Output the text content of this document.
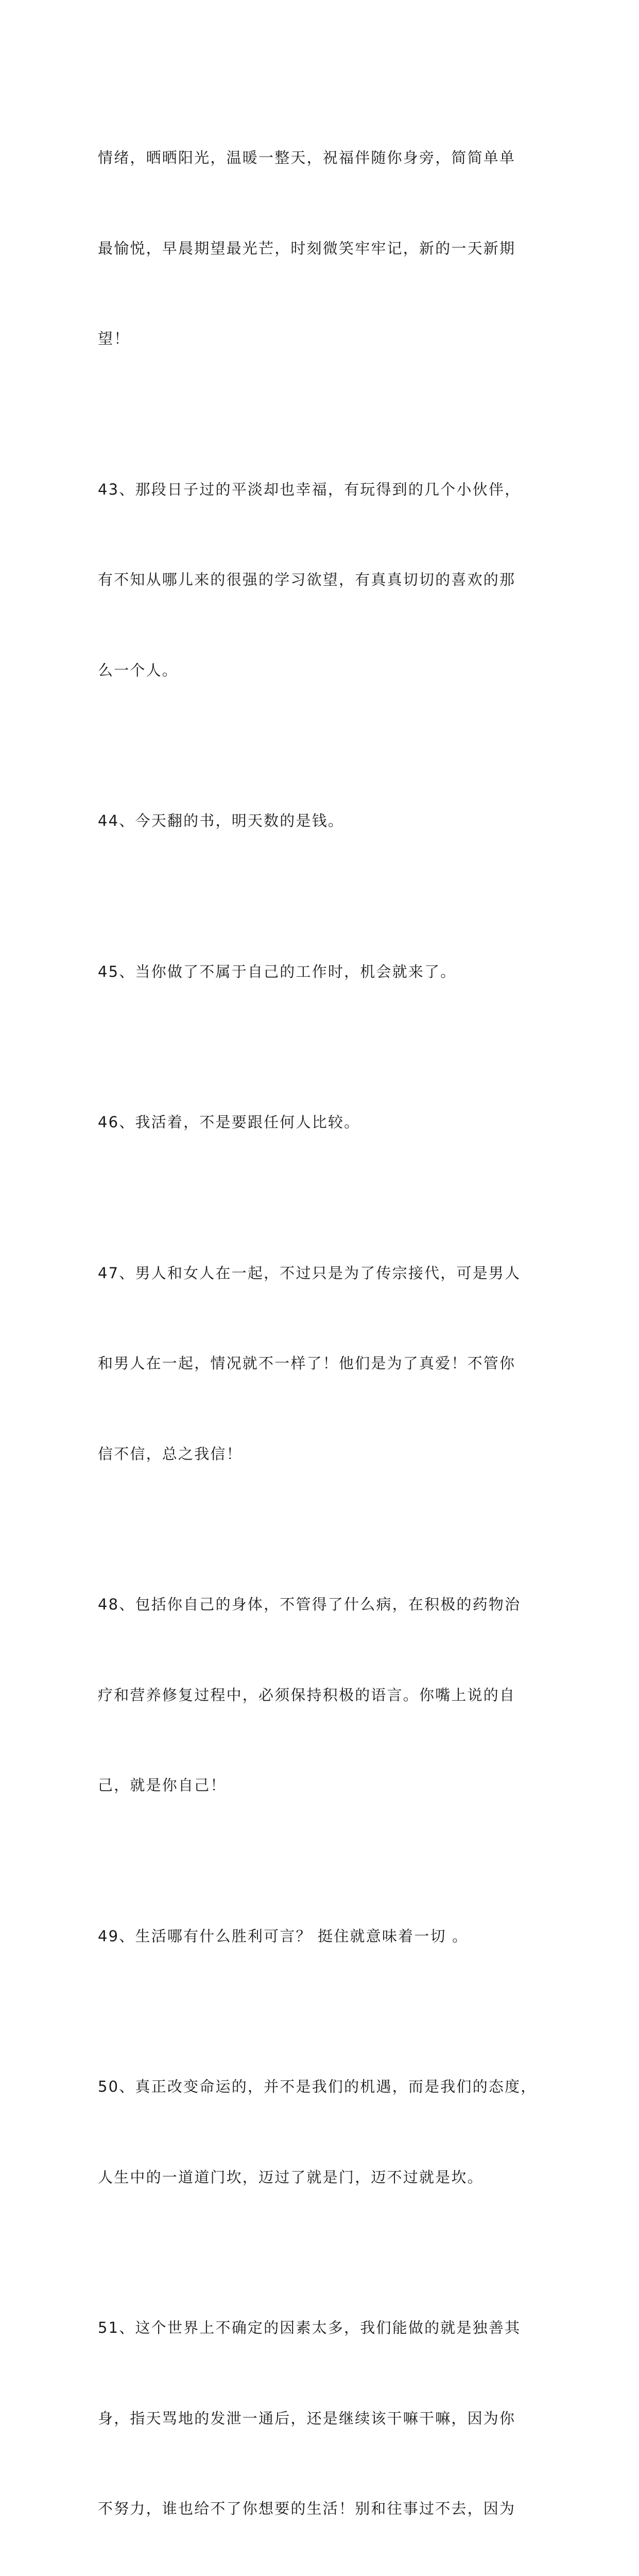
情绪，晒晒阳光，温暖一整天，祝福伴随你身旁，简简单单

最愉悦，早晨期望最光芒，时刻微笑牢牢记，新的一天新期

望！

43、那段日子过的平淡却也幸福，有玩得到的几个小伙伴，

有不知从哪儿来的很强的学习欲望，有真真切切的喜欢的那

么一个人。

44、今天翻的书，明天数的是钱。

45、当你做了不属于自己的工作时，机会就来了。

46、我活着，不是要跟任何人比较。

47、男人和女人在一起，不过只是为了传宗接代，可是男人

和男人在一起，情况就不一样了！他们是为了真爱！不管你

信不信，总之我信！

48、包括你自己的身体，不管得了什么病，在积极的药物治

疗和营养修复过程中，必须保持积极的语言。你嘴上说的自

己，就是你自己！

49、生活哪有什么胜利可言？ 挺住就意味着一切 。

50、真正改变命运的，并不是我们的机遇，而是我们的态度，

人生中的一道道门坎，迈过了就是门，迈不过就是坎。

51、这个世界上不确定的因素太多，我们能做的就是独善其

身，指天骂地的发泄一通后，还是继续该干嘛干嘛，因为你

不努力，谁也给不了你想要的生活！别和往事过不去，因为
